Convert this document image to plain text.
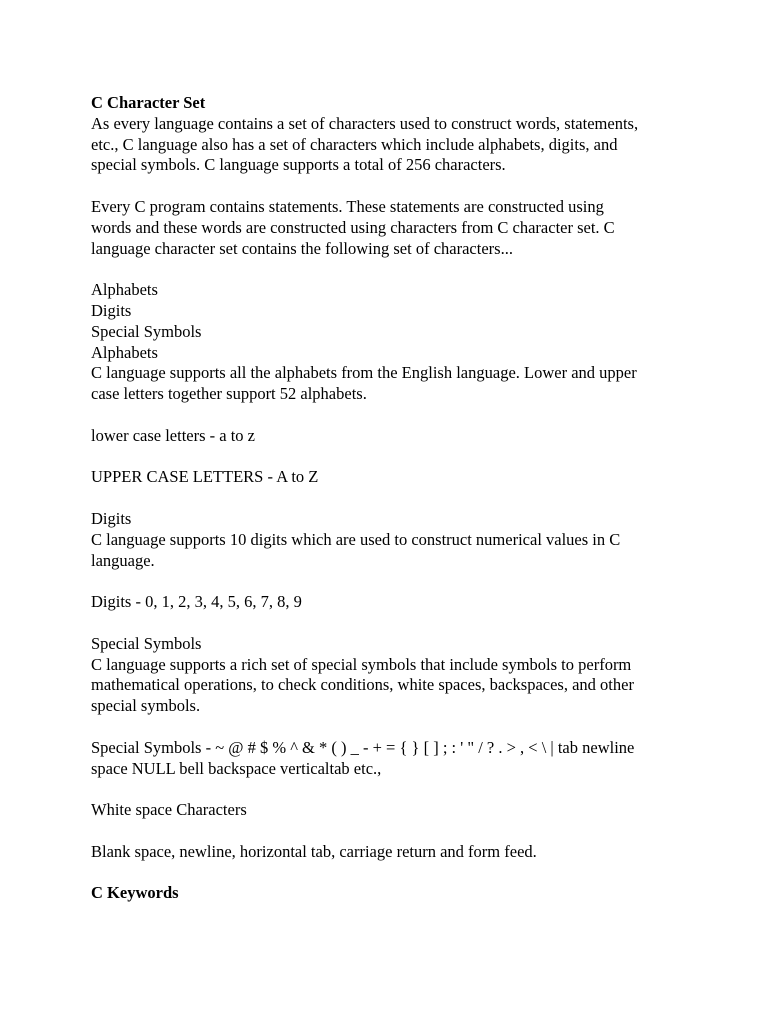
C Character Set
As every language contains a set of characters used to construct words, statements,
etc., C language also has a set of characters which include alphabets, digits, and
special symbols. C language supports a total of 256 characters.
Every C program contains statements. These statements are constructed using
words and these words are constructed using characters from C character set. C
language character set contains the following set of characters...
Alphabets
Digits
Special Symbols
Alphabets
C language supports all the alphabets from the English language. Lower and upper
case letters together support 52 alphabets.
lower case letters - a to z
UPPER CASE LETTERS - A to Z
Digits
C language supports 10 digits which are used to construct numerical values in C
language.
Digits - 0, 1, 2, 3, 4, 5, 6, 7, 8, 9
Special Symbols
C language supports a rich set of special symbols that include symbols to perform
mathematical operations, to check conditions, white spaces, backspaces, and other
special symbols.
Special Symbols - ~ @ # $ % ^ & * ( ) _ - + = { } [ ] ; : ' " / ? . > , < \ | tab newline
space NULL bell backspace verticaltab etc.,
White space Characters
Blank space, newline, horizontal tab, carriage return and form feed.
C Keywords
